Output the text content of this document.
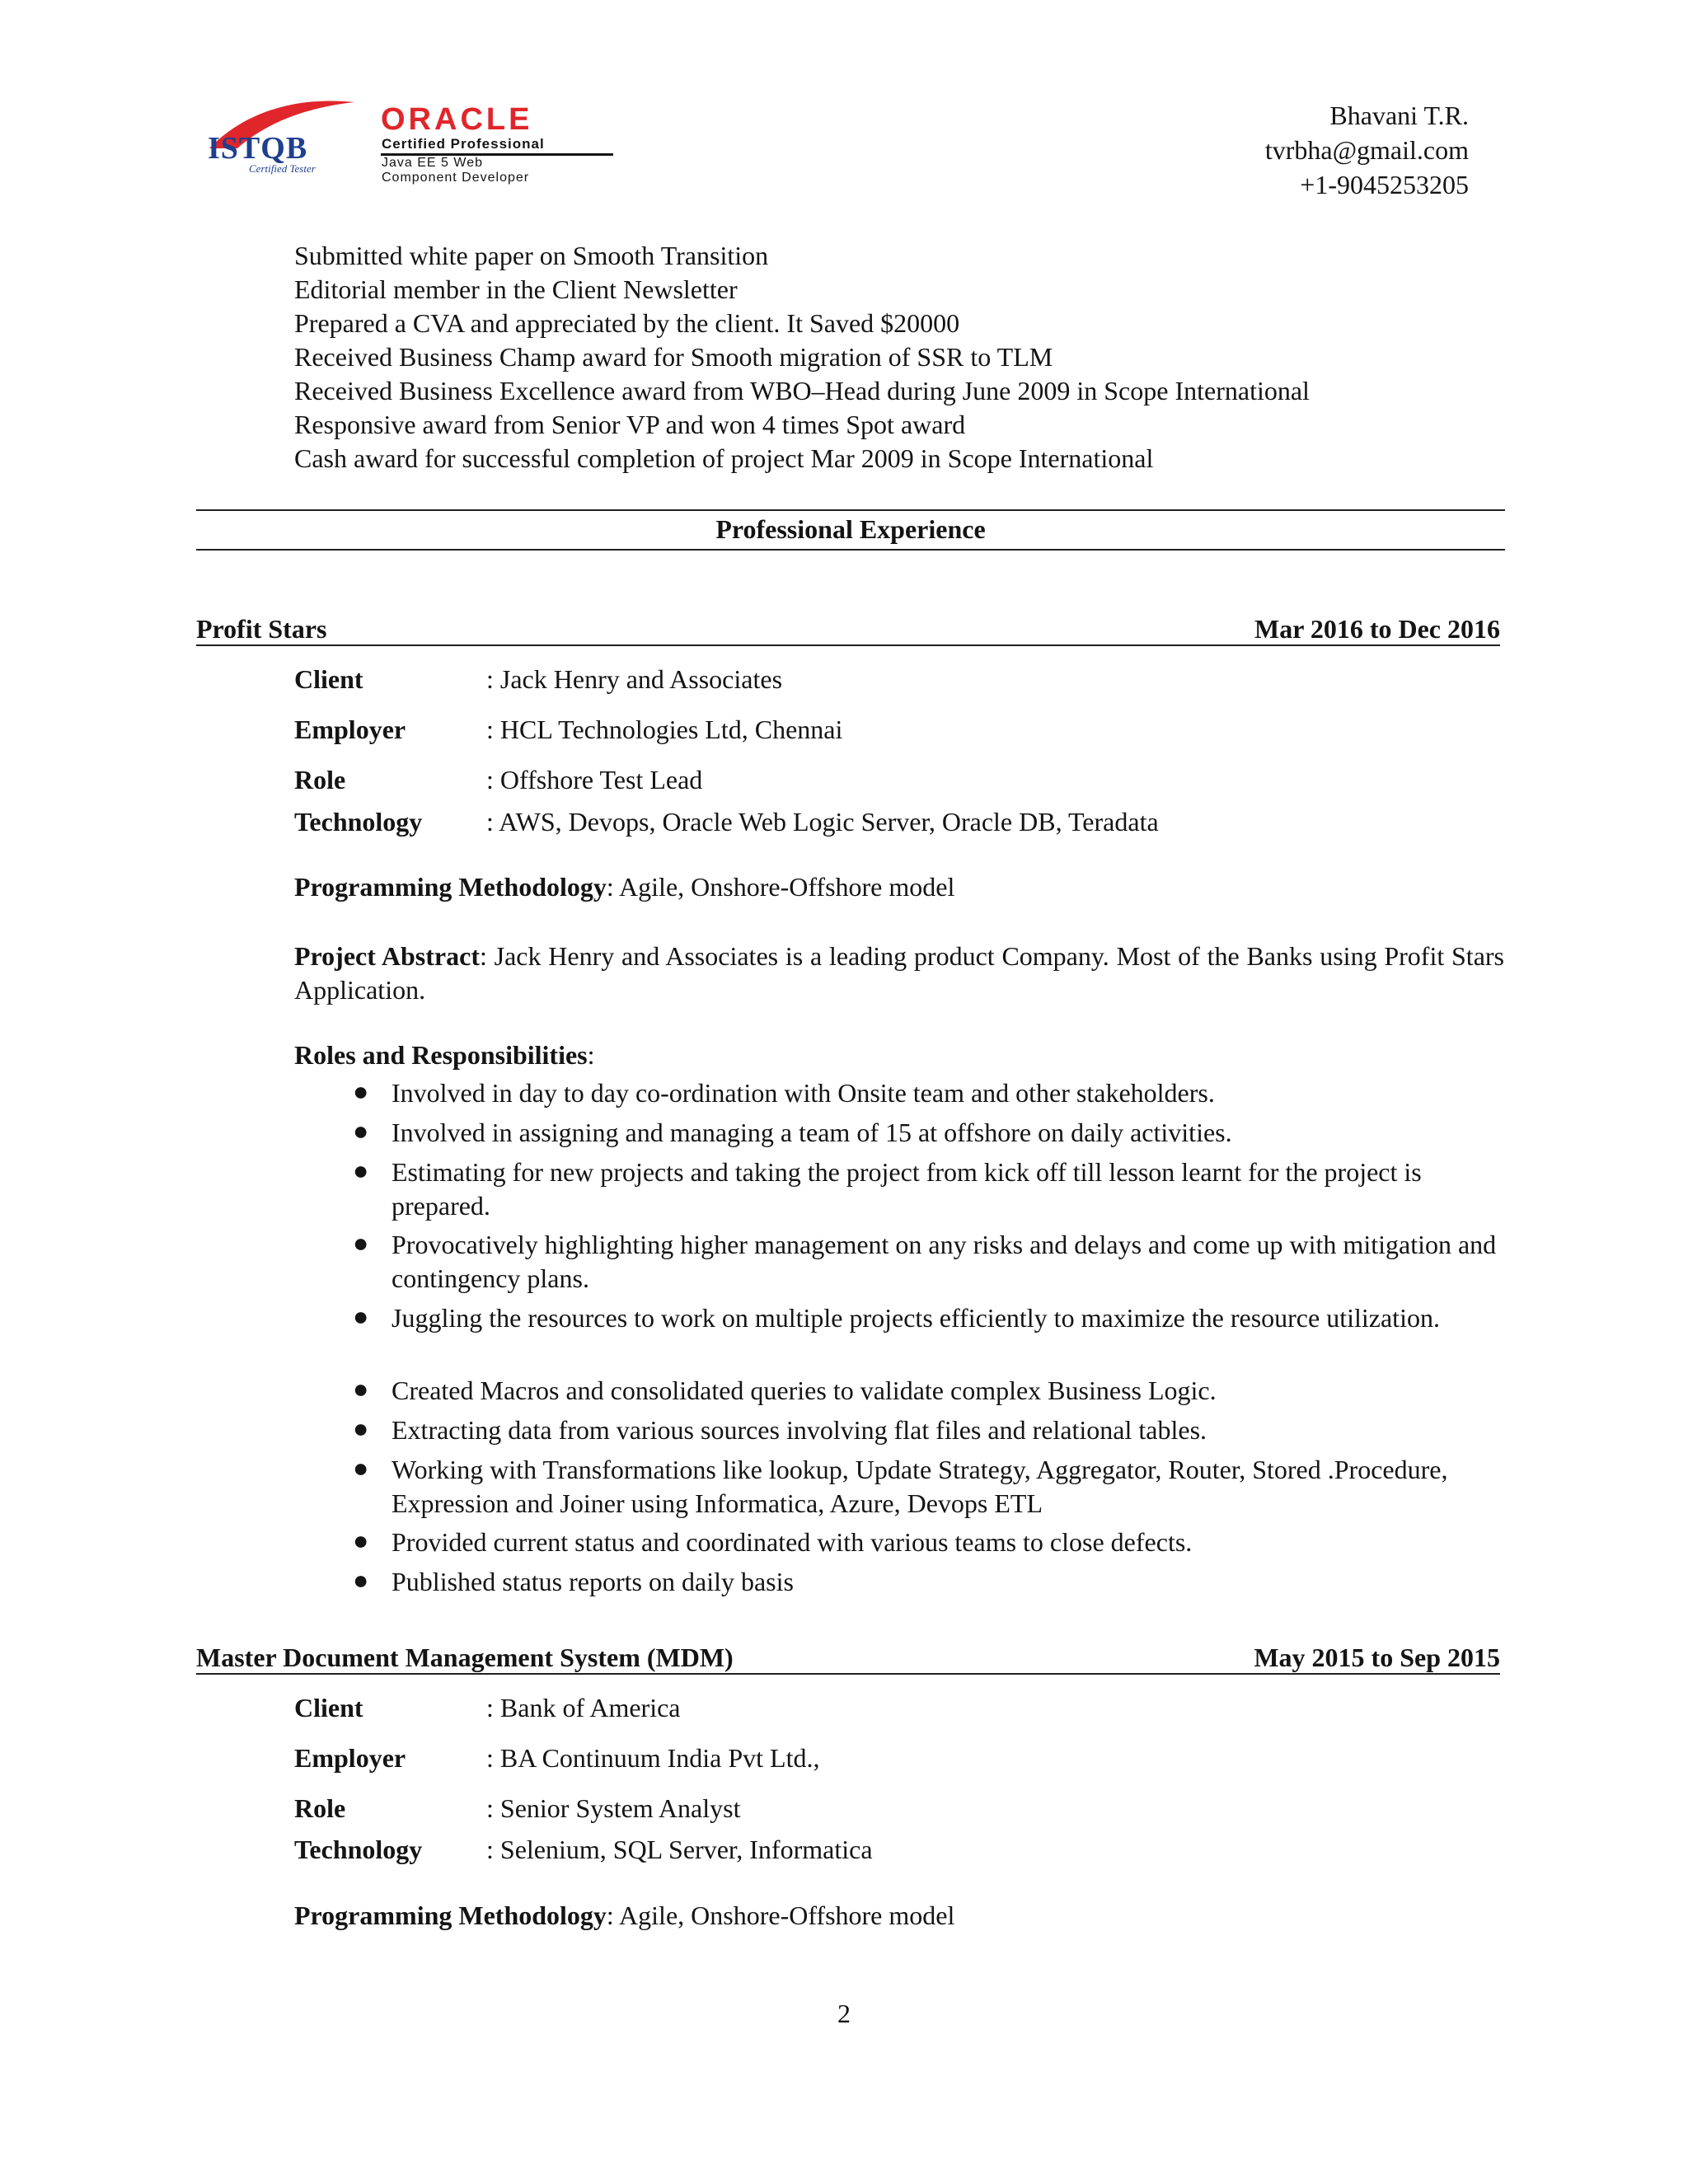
ISTQB
Certified Tester
ORACLE
Certified Professional
Java EE 5 Web
Component Developer
Bhavani T.R.
tvrbha@gmail.com
+1-9045253205
Submitted white paper on Smooth Transition
Editorial member in the Client Newsletter
Prepared a CVA and appreciated by the client. It Saved $20000
Received Business Champ award for Smooth migration of SSR to TLM
Received Business Excellence award from WBO–Head during June 2009 in Scope International
Responsive award from Senior VP and won 4 times Spot award
Cash award for successful completion of project Mar 2009 in Scope International
Professional Experience
Profit Stars	Mar 2016 to Dec 2016
Client	: Jack Henry and Associates
Employer	: HCL Technologies Ltd, Chennai
Role	: Offshore Test Lead
Technology : AWS, Devops, Oracle Web Logic Server, Oracle DB, Teradata
Programming Methodology: Agile, Onshore-Offshore model
Project Abstract: Jack Henry and Associates is a leading product Company. Most of the Banks using Profit Stars Application.
Roles and Responsibilities:
● Involved in day to day co-ordination with Onsite team and other stakeholders.
● Involved in assigning and managing a team of 15 at offshore on daily activities.
● Estimating for new projects and taking the project from kick off till lesson learnt for the project is prepared.
● Provocatively highlighting higher management on any risks and delays and come up with mitigation and contingency plans.
● Juggling the resources to work on multiple projects efficiently to maximize the resource utilization.
● Created Macros and consolidated queries to validate complex Business Logic.
● Extracting data from various sources involving flat files and relational tables.
● Working with Transformations like lookup, Update Strategy, Aggregator, Router, Stored .Procedure, Expression and Joiner using Informatica, Azure, Devops ETL
● Provided current status and coordinated with various teams to close defects.
● Published status reports on daily basis
Master Document Management System (MDM)	May 2015 to Sep 2015
Client	: Bank of America
Employer	: BA Continuum India Pvt Ltd.,
Role	: Senior System Analyst
Technology : Selenium, SQL Server, Informatica
Programming Methodology: Agile, Onshore-Offshore model
2
